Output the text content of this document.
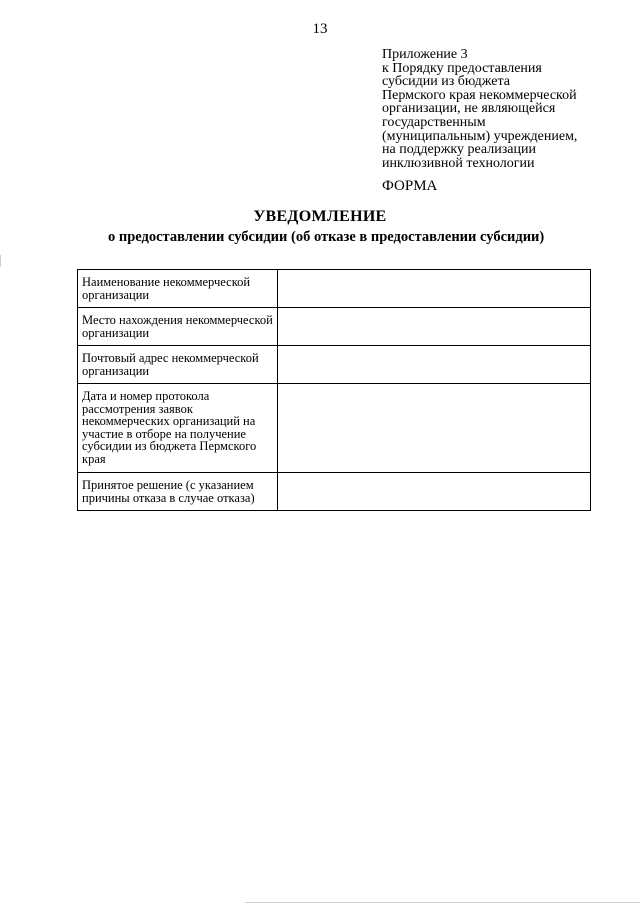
13
Приложение 3
к Порядку предоставления
субсидии из бюджета
Пермского края некоммерческой
организации, не являющейся
государственным
(муниципальным) учреждением,
на поддержку реализации
инклюзивной технологии
ФОРМА
УВЕДОМЛЕНИЕ
о предоставлении субсидии (об отказе в предоставлении субсидии)
Наименование некоммерческой организации	

Место нахождения некоммерческой организации	

Почтовый адрес некоммерческой организации	

Дата и номер протокола рассмотрения заявок некоммерческих организаций на участие в отборе на получение субсидии из бюджета Пермского края	

Принятое решение (с указанием причины отказа в случае отказа)	
